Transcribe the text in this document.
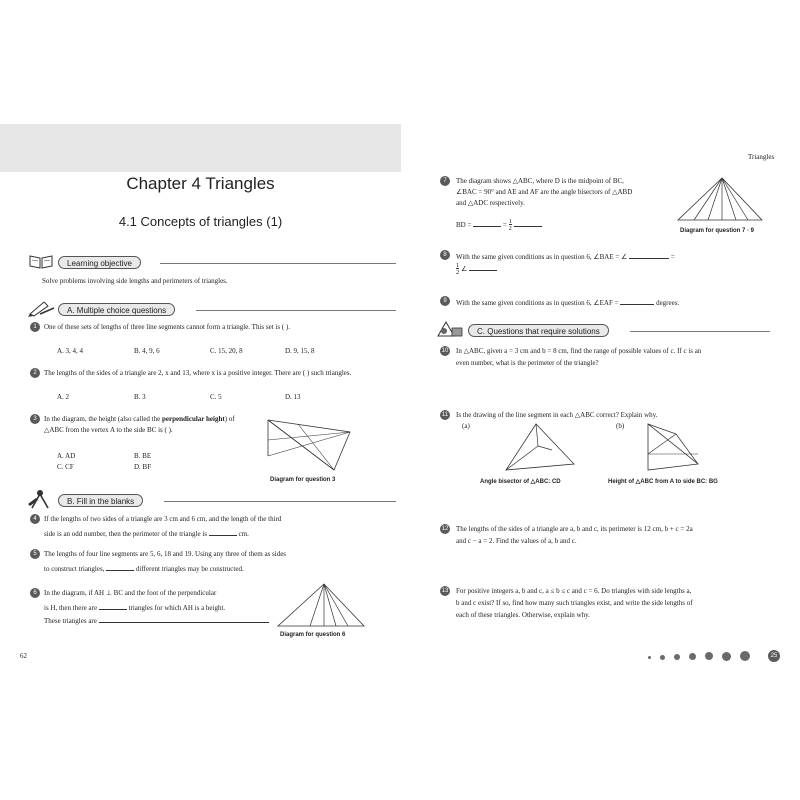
Chapter 4 Triangles
4.1 Concepts of triangles (1)
Learning objective
Solve problems involving side lengths and perimeters of triangles.
A. Multiple choice questions
1	One of these sets of lengths of three line segments cannot form a triangle. This set is ( ).
A. 3, 4, 4	B. 4, 9, 6	C. 15, 20, 8	D. 9, 15, 8
2	The lengths of the sides of a triangle are 2, x and 13, where x is a positive integer. There are ( ) such triangles.
A. 2	B. 3	C. 5	D. 13
3	In the diagram, the height (also called the perpendicular height) of △ABC from the vertex A to the side BC is ( ).
A. AD	B. BE
C. CF	D. BF
Diagram for question 3
B. Fill in the blanks
4	If the lengths of two sides of a triangle are 3 cm and 6 cm, and the length of the third
side is an odd number, then the perimeter of the triangle is	cm.
5	The lengths of four line segments are 5, 6, 18 and 19. Using any three of them as sides
to construct triangles,	different triangles may be constructed.
6	In the diagram, if AH ⊥ BC and the foot of the perpendicular
is H, then there are	triangles for which AH is a height.
These triangles are
Diagram for question 6
62
Triangles
7	The diagram shows △ABC, where D is the midpoint of BC,
∠BAC = 90° and AE and AF are the angle bisectors of △ABD
and △ADC respectively.
BD =	= $\frac{1}{2}$	Diagram for question 7 · 9
8	With the same given conditions as in question 6, ∠BAE = ∠	=
$\frac{1}{2}$ ∠
9	With the same given conditions as in question 6, ∠EAF =	degrees.
C. Questions that require solutions
10 In △ABC, given a = 3 cm and b = 8 cm, find the range of possible values of c. If c is an
even number, what is the perimeter of the triangle?
11 Is the drawing of the line segment in each △ABC correct? Explain why.
(a)	(b)
Angle bisector of △ABC: CD	Height of △ABC from A to side BC: BG
12 The lengths of the sides of a triangle are a, b and c, its perimeter is 12 cm, b + c = 2a
and c − a = 2. Find the values of a, b and c.
13 For positive integers a, b and c, a ≤ b ≤ c and c = 6. Do triangles with side lengths a,
b and c exist? If so, find how many such triangles exist, and write the side lengths of
each of these triangles. Otherwise, explain why.
25
